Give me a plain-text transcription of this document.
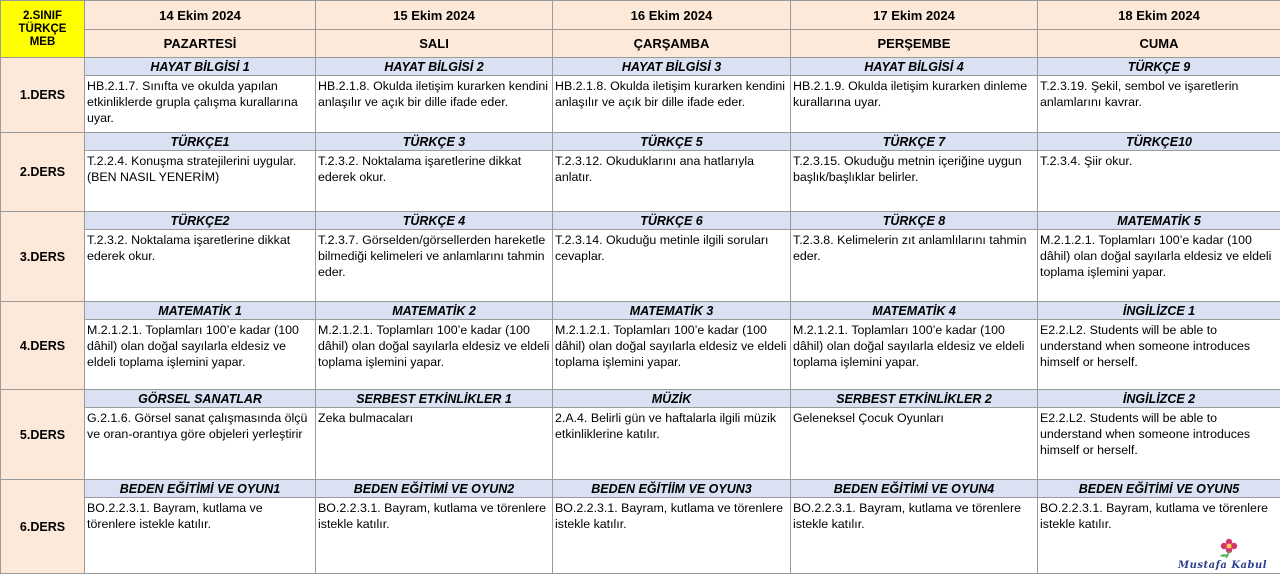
2.SINIF
TÜRKÇE
MEB	14 Ekim 2024	15 Ekim 2024	16 Ekim 2024	17 Ekim 2024	18 Ekim 2024
	PAZARTESİ	SALI	ÇARŞAMBA	PERŞEMBE	CUMA
1.DERS	HAYAT BİLGİSİ 1	HAYAT BİLGİSİ 2	HAYAT BİLGİSİ 3	HAYAT BİLGİSİ 4	TÜRKÇE 9

	HB.2.1.7. Sınıfta ve okulda yapılan etkinliklerde grupla çalışma kurallarına uyar.	HB.2.1.8. Okulda iletişim kurarken kendini anlaşılır ve açık bir dille ifade eder.	HB.2.1.8. Okulda iletişim kurarken kendini anlaşılır ve açık bir dille ifade eder.	HB.2.1.9. Okulda iletişim kurarken dinleme kurallarına uyar.	T.2.3.19. Şekil, sembol ve işaretlerin anlamlarını kavrar.

2.DERS	TÜRKÇE1	TÜRKÇE 3	TÜRKÇE 5	TÜRKÇE 7	TÜRKÇE10

	T.2.2.4. Konuşma stratejilerini uygular.(BEN NASIL YENERİM)	T.2.3.2. Noktalama işaretlerine dikkat ederek okur.	T.2.3.12. Okuduklarını ana hatlarıyla anlatır.	T.2.3.15. Okuduğu metnin içeriğine uygun başlık/başlıklar belirler.	T.2.3.4. Şiir okur.

3.DERS	TÜRKÇE2	TÜRKÇE 4	TÜRKÇE 6	TÜRKÇE 8	MATEMATİK 5

	T.2.3.2. Noktalama işaretlerine dikkat ederek okur.	T.2.3.7. Görselden/görsellerden hareketle bilmediği kelimeleri ve anlamlarını tahmin eder.	T.2.3.14. Okuduğu metinle ilgili soruları cevaplar.	T.2.3.8. Kelimelerin zıt anlamlılarını tahmin eder.	M.2.1.2.1. Toplamları 100’e kadar (100 dâhil) olan doğal sayılarla eldesiz ve eldeli toplama işlemini yapar.

4.DERS	MATEMATİK 1	MATEMATİK 2	MATEMATİK 3	MATEMATİK 4	İNGİLİZCE 1

	M.2.1.2.1. Toplamları 100’e kadar (100 dâhil) olan doğal sayılarla eldesiz ve eldeli toplama işlemini yapar.	M.2.1.2.1. Toplamları 100’e kadar (100 dâhil) olan doğal sayılarla eldesiz ve eldeli toplama işlemini yapar.	M.2.1.2.1. Toplamları 100’e kadar (100 dâhil) olan doğal sayılarla eldesiz ve eldeli toplama işlemini yapar.	M.2.1.2.1. Toplamları 100’e kadar (100 dâhil) olan doğal sayılarla eldesiz ve eldeli toplama işlemini yapar.	E2.2.L2. Students will be able to understand when someone introduces himself or herself.

5.DERS	GÖRSEL SANATLAR	SERBEST ETKİNLİKLER 1	MÜZİK	SERBEST ETKİNLİKLER 2	İNGİLİZCE 2

	G.2.1.6. Görsel sanat çalışmasında ölçü ve oran-orantıya göre objeleri yerleştirir	Zeka bulmacaları	2.A.4. Belirli gün ve haftalarla ilgili müzik etkinliklerine katılır.	Geleneksel Çocuk Oyunları	E2.2.L2. Students will be able to understand when someone introduces himself or herself.

6.DERS	BEDEN EĞİTİMİ VE OYUN1	BEDEN EĞİTİMİ VE OYUN2	BEDEN EĞİTİİM VE OYUN3	BEDEN EĞİTİMİ VE OYUN4	BEDEN EĞİTİMİ VE OYUN5

	BO.2.2.3.1. Bayram, kutlama ve törenlere istekle katılır.	BO.2.2.3.1. Bayram, kutlama ve törenlere istekle katılır.	BO.2.2.3.1. Bayram, kutlama ve törenlere istekle katılır.	BO.2.2.3.1. Bayram, kutlama ve törenlere istekle katılır.	BO.2.2.3.1. Bayram, kutlama ve törenlere istekle katılır.
Mustafa Kabul
